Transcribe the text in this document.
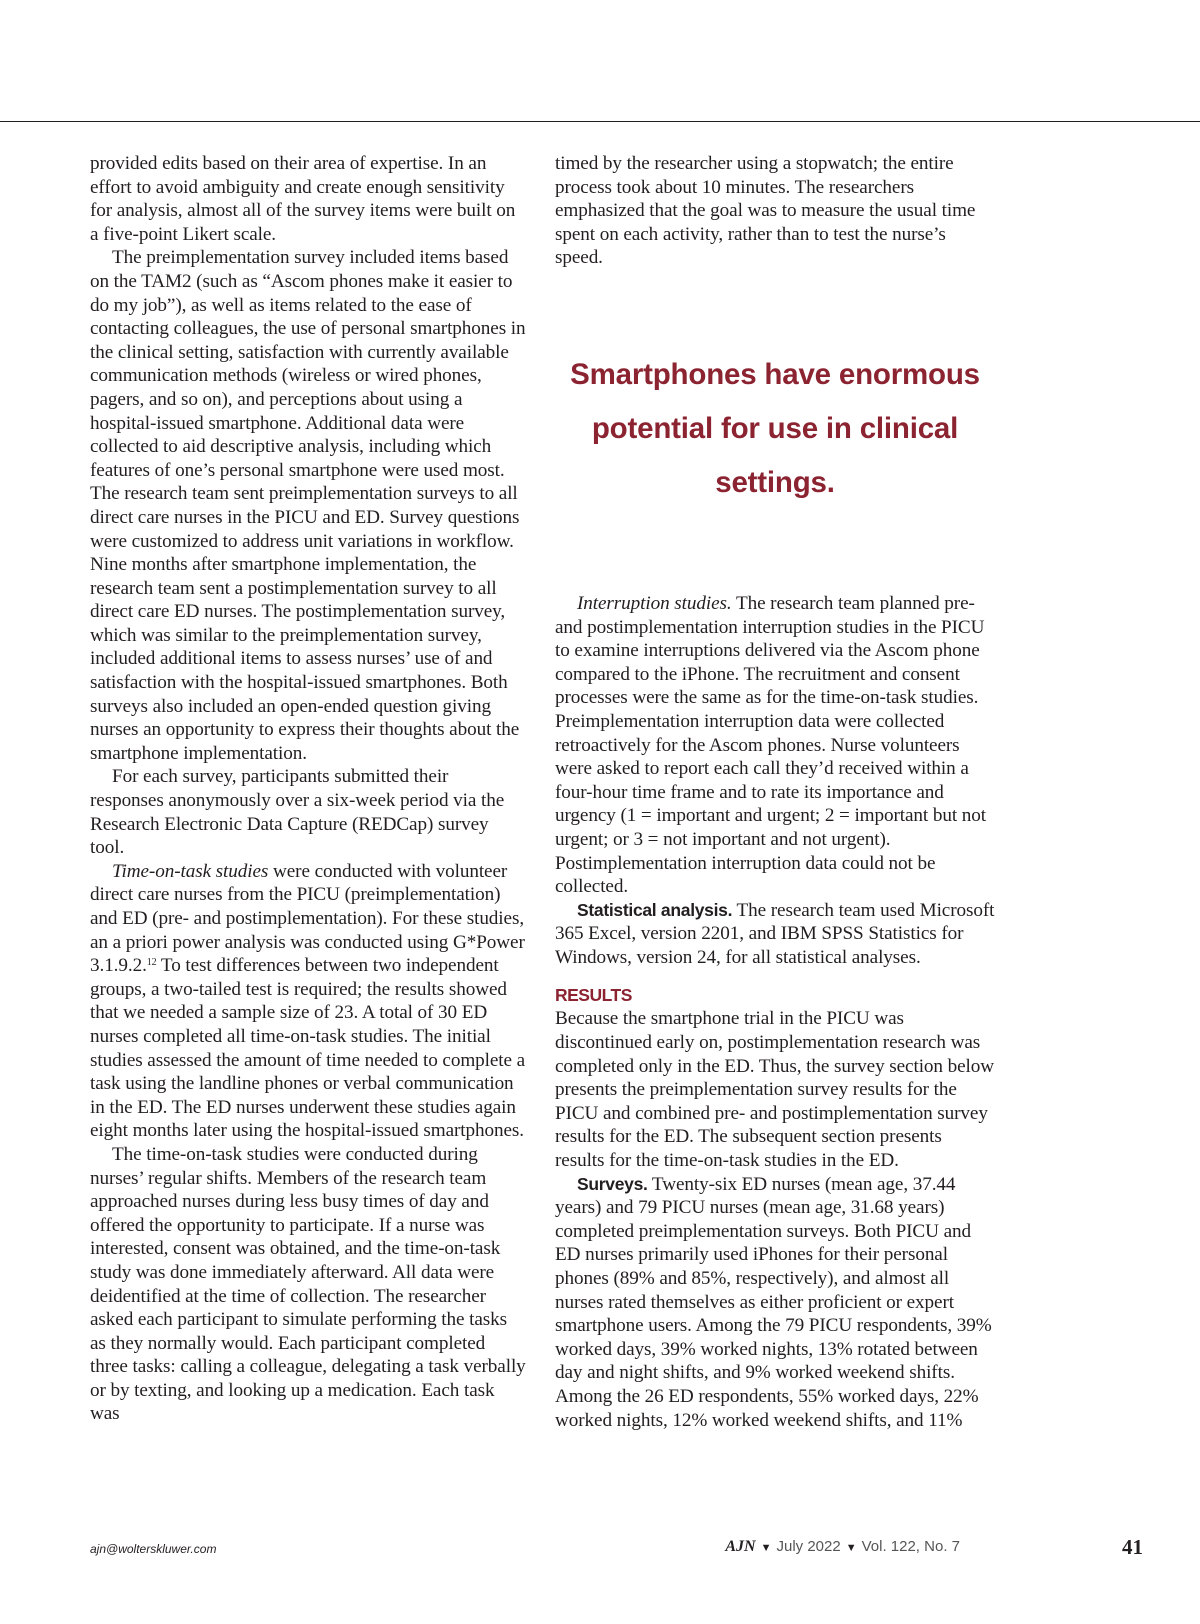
provided edits based on their area of expertise. In an effort to avoid ambiguity and create enough sensitivity for analysis, almost all of the survey items were built on a five-point Likert scale.

The preimplementation survey included items based on the TAM2 (such as “Ascom phones make it easier to do my job”), as well as items related to the ease of contacting colleagues, the use of personal smartphones in the clinical setting, satisfaction with currently available communication methods (wireless or wired phones, pagers, and so on), and perceptions about using a hospital-issued smartphone. Additional data were collected to aid descriptive analysis, including which features of one’s personal smartphone were used most. The research team sent preimplementation surveys to all direct care nurses in the PICU and ED. Survey questions were customized to address unit variations in workflow. Nine months after smartphone implementation, the research team sent a postimplementation survey to all direct care ED nurses. The postimplementation survey, which was similar to the preimplementation survey, included additional items to assess nurses’ use of and satisfaction with the hospital-issued smartphones. Both surveys also included an open-ended question giving nurses an opportunity to express their thoughts about the smartphone implementation.

For each survey, participants submitted their responses anonymously over a six-week period via the Research Electronic Data Capture (REDCap) survey tool.

Time-on-task studies were conducted with volunteer direct care nurses from the PICU (preimplementation) and ED (pre- and postimplementation). For these studies, an a priori power analysis was conducted using G*Power 3.1.9.2.12 To test differences between two independent groups, a two-tailed test is required; the results showed that we needed a sample size of 23. A total of 30 ED nurses completed all time-on-task studies. The initial studies assessed the amount of time needed to complete a task using the landline phones or verbal communication in the ED. The ED nurses underwent these studies again eight months later using the hospital-issued smartphones.

The time-on-task studies were conducted during nurses’ regular shifts. Members of the research team approached nurses during less busy times of day and offered the opportunity to participate. If a nurse was interested, consent was obtained, and the time-on-task study was done immediately afterward. All data were deidentified at the time of collection. The researcher asked each participant to simulate performing the tasks as they normally would. Each participant completed three tasks: calling a colleague, delegating a task verbally or by texting, and looking up a medication. Each task was

timed by the researcher using a stopwatch; the entire process took about 10 minutes. The researchers emphasized that the goal was to measure the usual time spent on each activity, rather than to test the nurse’s speed.

Smartphones have enormous potential for use in clinical settings.

Interruption studies. The research team planned pre- and postimplementation interruption studies in the PICU to examine interruptions delivered via the Ascom phone compared to the iPhone. The recruitment and consent processes were the same as for the time-on-task studies. Preimplementation interruption data were collected retroactively for the Ascom phones. Nurse volunteers were asked to report each call they’d received within a four-hour time frame and to rate its importance and urgency (1 = important and urgent; 2 = important but not urgent; or 3 = not important and not urgent). Postimplementation interruption data could not be collected.

Statistical analysis. The research team used Microsoft 365 Excel, version 2201, and IBM SPSS Statistics for Windows, version 24, for all statistical analyses.

RESULTS

Because the smartphone trial in the PICU was discontinued early on, postimplementation research was completed only in the ED. Thus, the survey section below presents the preimplementation survey results for the PICU and combined pre- and postimplementation survey results for the ED. The subsequent section presents results for the time-on-task studies in the ED.

Surveys. Twenty-six ED nurses (mean age, 37.44 years) and 79 PICU nurses (mean age, 31.68 years) completed preimplementation surveys. Both PICU and ED nurses primarily used iPhones for their personal phones (89% and 85%, respectively), and almost all nurses rated themselves as either proficient or expert smartphone users. Among the 79 PICU respondents, 39% worked days, 39% worked nights, 13% rotated between day and night shifts, and 9% worked weekend shifts. Among the 26 ED respondents, 55% worked days, 22% worked nights, 12% worked weekend shifts, and 11%

ajn@wolterskluwer.com	AJN ▼ July 2022 ▼ Vol. 122, No. 7	41
